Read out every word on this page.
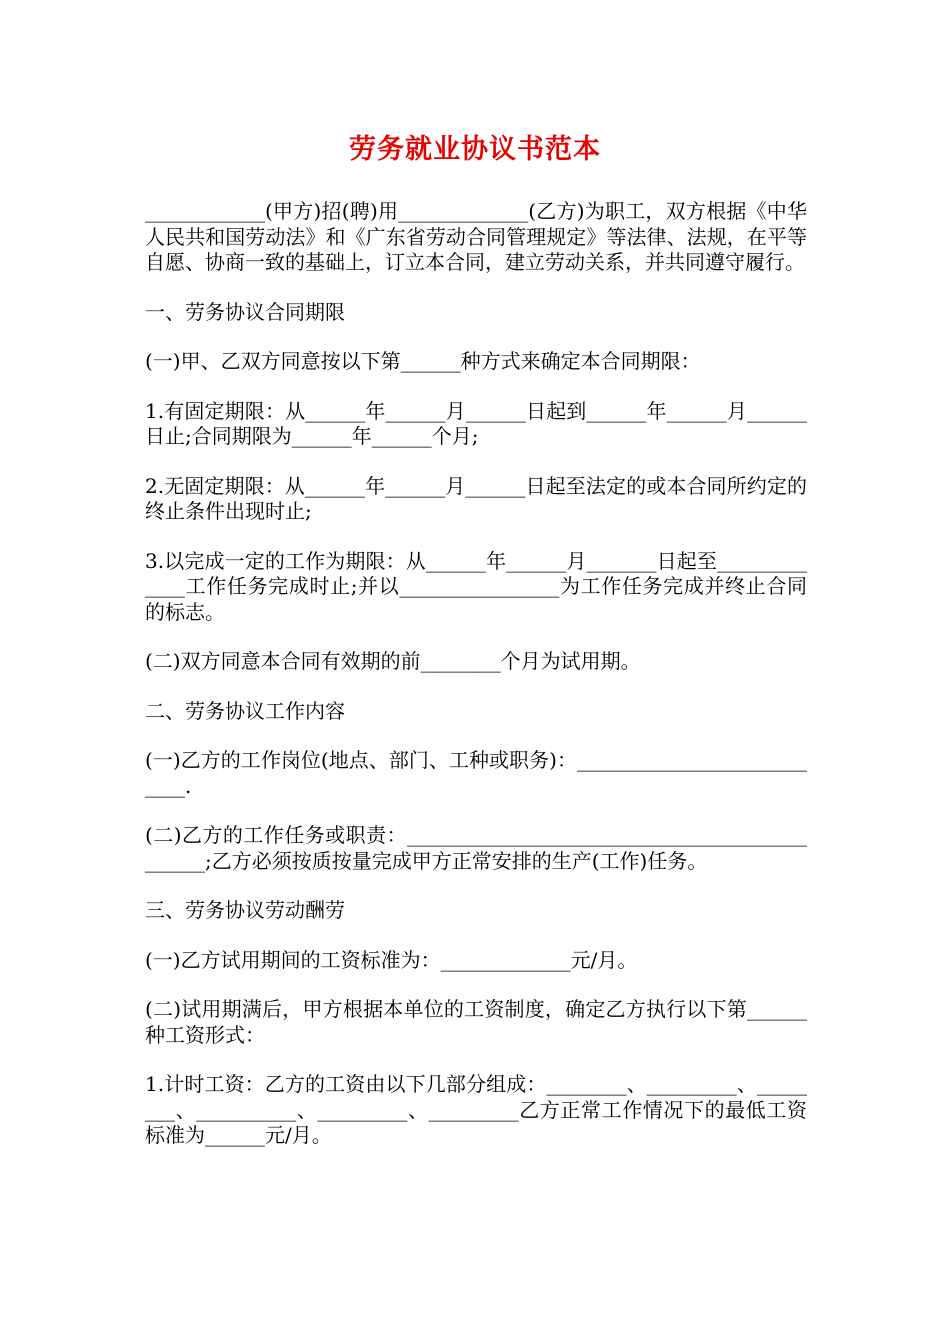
劳务就业协议书范本

____________(甲方)招(聘)用_____________(乙方)为职工，双方根据《中华人民共和国劳动法》和《广东省劳动合同管理规定》等法律、法规，在平等自愿、协商一致的基础上，订立本合同，建立劳动关系，并共同遵守履行。

一、劳务协议合同期限

(一)甲、乙双方同意按以下第______种方式来确定本合同期限：

1.有固定期限：从______年______月______日起到______年______月______日止;合同期限为______年______个月;

2.无固定期限：从______年______月______日起至法定的或本合同所约定的终止条件出现时止;

3.以完成一定的工作为期限：从______年______月_______日起至_____________工作任务完成时止;并以________________为工作任务完成并终止合同的标志。

(二)双方同意本合同有效期的前________个月为试用期。

二、劳务协议工作内容

(一)乙方的工作岗位(地点、部门、工种或职务)：___________________________.

(二)乙方的工作任务或职责：______________________________________________;乙方必须按质按量完成甲方正常安排的生产(工作)任务。

三、劳务协议劳动酬劳

(一)乙方试用期间的工资标准为：_____________元/月。

(二)试用期满后，甲方根据本单位的工资制度，确定乙方执行以下第______种工资形式：

1.计时工资：乙方的工资由以下几部分组成：________、_________、________、__________、_________、_________乙方正常工作情况下的最低工资标准为______元/月。
